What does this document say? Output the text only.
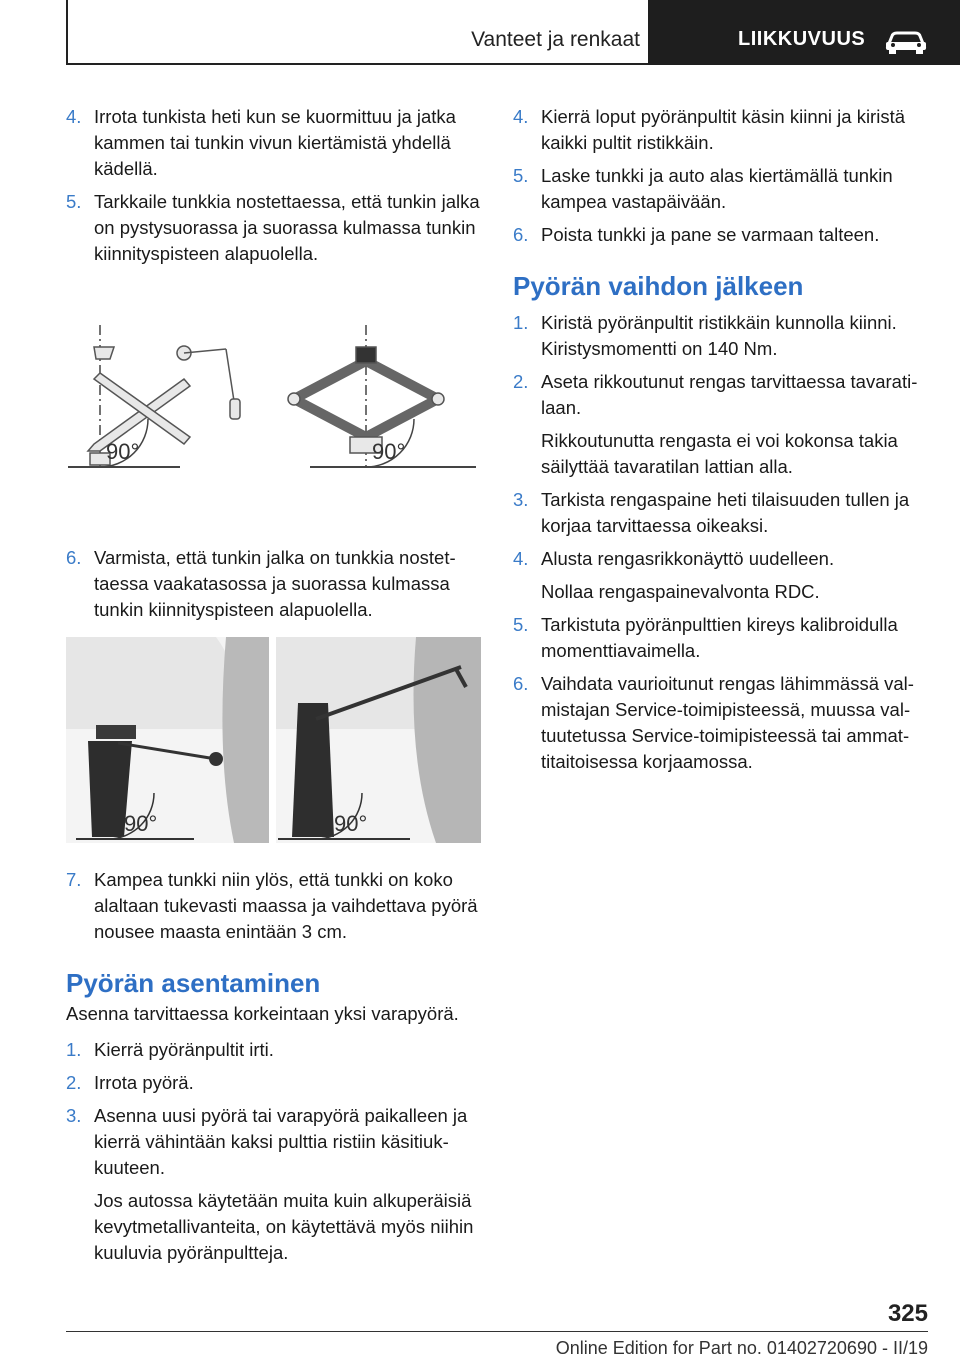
Vanteet ja renkaat	LIIKKUVUUS
4. Irrota tunkista heti kun se kuormittuu ja jatka kammen tai tunkin vivun kiertämistä yhdellä kädellä.
5. Tarkkaile tunkkia nostettaessa, että tunkin jalka on pystysuorassa ja suorassa kulmassa tunkin kiinnityspisteen alapuolella.
90°	90°
6. Varmista, että tunkin jalka on tunkkia nostettaessa vaakatasossa ja suorassa kulmassa tunkin kiinnityspisteen alapuolella.
90°	90°
7. Kampea tunkki niin ylös, että tunkki on koko alaltaan tukevasti maassa ja vaihdettava pyörä nousee maasta enintään 3 cm.
Pyörän asentaminen
Asenna tarvittaessa korkeintaan yksi varapyörä.
1. Kierrä pyöränpultit irti.
2. Irrota pyörä.
3. Asenna uusi pyörä tai varapyörä paikalleen ja kierrä vähintään kaksi pulttia ristiin käsitiukkuuteen.
Jos autossa käytetään muita kuin alkuperäisiä kevytmetallivanteita, on käytettävä myös niihin kuuluvia pyöränpultteja.
4. Kierrä loput pyöränpultit käsin kiinni ja kiristä kaikki pultit ristikkäin.
5. Laske tunkki ja auto alas kiertämällä tunkin kampea vastapäivään.
6. Poista tunkki ja pane se varmaan talteen.
Pyörän vaihdon jälkeen
1. Kiristä pyöränpultit ristikkäin kunnolla kiinni. Kiristysmomentti on 140 Nm.
2. Aseta rikkoutunut rengas tarvittaessa tavaratilaan.
Rikkoutunutta rengasta ei voi kokonsa takia säilyttää tavaratilan lattian alla.
3. Tarkista rengaspaine heti tilaisuuden tullen ja korjaa tarvittaessa oikeaksi.
4. Alusta rengasrikkonäyttö uudelleen.
Nollaa rengaspainevalvonta RDC.
5. Tarkistuta pyöränpulttien kireys kalibroidulla momenttiavaimella.
6. Vaihdata vaurioitunut rengas lähimmässä valmistajan Service-toimipisteessä, muussa valtuutetussa Service-toimipisteessä tai ammattitaitoisessa korjaamossa.
325
Online Edition for Part no. 01402720690 - II/19
